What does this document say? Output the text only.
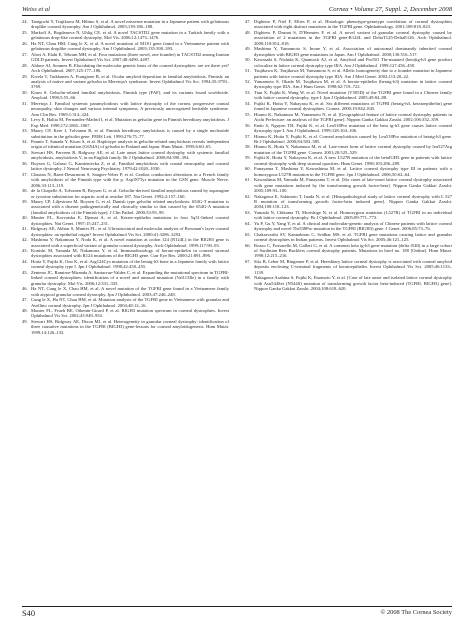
Weiss et al	Cornea • Volume 27, Suppl. 2, December 2008
24. Taniguchi Y, Tsujikawa M, Hibino S, et al. A novel missense mutation in a Japanese patient with gelatinous droplike corneal dystrophy. Am J Ophthalmol. 2005;139:186–188.
25. Markoff A, Bogdanova N, Uhlig CE, et al. A novel TACSTD2 gene mutation in a Turkish family with a gelatinous drop-like corneal dystrophy. Mol Vis. 2006;12:1473–1476.
26. Ha NT, Chau HM, Cung le X, et al. A novel mutation of M1S1 gene found in a Vietnamese patient with gelatinous droplike corneal dystrophy. Am J Ophthalmol. 2003;135:390–393.
27. Alavi A, Elahi E, Tehrani MH, et al. Four mutations (three novel, one founder) in TACSTD2 among Iranian GDLD patients. Invest Ophthalmol Vis Sci. 2007;48:4490–4497.
28. Aldave AJ, Sonmez B. Elucidating the molecular genetic basis of the corneal dystrophies: are we there yet? Arch Ophthalmol. 2007;125:177–186.
29. Kivela T, Tarkkanen A, Frangione B, et al. Ocular amyloid deposition in familial amyloidosis, Finnish: an analysis of native and variant gelsolin in Meretoja's syndrome. Invest Ophthalmol Vis Sci. 1994;35:3759–3769.
30. Kiuru S. Gelsolin-related familial amyloidosis, Finnish type (FAF), and its variants found worldwide. Amyloid. 1998;5:55–66.
31. Meretoja J. Familial systemic paramyloidosis with lattice dystrophy of the cornea, progressive cranial neuropathy, skin changes and various internal symptoms. A previously unrecognized heritable syndrome. Ann Clin Res. 1969;1:314–324.
32. Levy E, Haltia M, Fernandez-Madrid I, et al. Mutation in gelsolin gene in Finnish hereditary amyloidosis. J Exp Med. 1990;172:1865–1867.
33. Maury CP, Kere J, Tolvanen R, et al. Finnish hereditary amyloidosis is caused by a single nucleotide substitution in the gelsolin gene. FEBS Lett. 1990;276:75–77.
34. Paunio T, Sunada Y, Kiuru S, et al. Haplotype analysis in gelsolin-related amyloidosis reveals independent origin of identical mutation (G654A) of gelsolin in Finland and Japan. Hum Mutat. 1995;6:60–65.
35. Stewart HS, Parveen R, Ridgway AE, et al. Late onset lattice corneal dystrophy with systemic familial amyloidosis, amyloidosis V, in an English family. Br J Ophthalmol. 2000;84:390–394.
36. Boysen G, Galassi G, Kamieniecka Z, et al. Familial amyloidosis with cranial neuropathy and corneal lattice dystrophy. J Neurol Neurosurg Psychiatry. 1979;42:1020–1030.
37. Chastan N, Baert-Desurmont S, Saugier-Veber P, et al. Cardiac conduction alterations in a French family with amyloidosis of the Finnish type with the p. Asp187Tyr mutation in the GSN gene. Muscle Nerve. 2006;33:113–119.
38. de la Chapelle A, Tolvanen R, Boysen G, et al. Gelsolin-derived familial amyloidosis caused by asparagine or tyrosine substitution for aspartic acid at residue 187. Nat Genet. 1992;2:157–160.
39. Maury CP, Liljestrom M, Boysen G, et al. Danish type gelsolin related amyloidosis: 654G-T mutation is associated with a disease pathogenetically and clinically similar to that caused by the 654G-A mutation (familial amyloidosis of the Finnish type). J Clin Pathol. 2000;53:95–99.
40. Munier FL, Korvatska E, Djemai A, et al. Kerato-epithelin mutations in four 5q31-linked corneal dystrophies. Nat Genet. 1997;15:247–251.
41. Ridgway AE, Akhtar S, Munier FL, et al. Ultrastructural and molecular analysis of Bowman's layer corneal dystrophies: an epithelial origin? Invest Ophthalmol Vis Sci. 2000;41:3286–3292.
42. Mashima Y, Nakamura Y, Noda K, et al. A novel mutation at codon 124 (R124L) in the BIGH3 gene is associated with a superficial variant of granular corneal dystrophy. Arch Ophthalmol. 1999;117:90–93.
43. Konishi M, Yamada M, Nakamura Y, et al. Immunohistology of kerato-epithelin in corneal stromal dystrophies associated with R124 mutations of the BIGH3 gene. Curr Eye Res. 2000;21:891–896.
44. Hotta Y, Fujiki K, Ono K, et al. Arg124Cys mutation of the betaig-h3 bone in a Japanese family with lattice corneal dystrophy type I. Jpn J Ophthalmol. 1998;42:450–455.
45. Zenteno JC, Ramirez-Miranda A, Santacruz-Valdes C, et al. Expanding the mutational spectrum in TGFBI-linked corneal dystrophies: identification of a novel and unusual mutation (Val113Ile) in a family with granular dystrophy. Mol Vis. 2006;12:331–335.
46. Ha NT, Cung le X, Chau HM, et al. A novel mutation of the TGFBI gene found in a Vietnamese family with atypical granular corneal dystrophy. Jpn J Ophthalmol. 2003;47:246–248.
47. Cung le X, Ha NT, Chau HM, et al. Mutation analysis of the TGFBI gene in Vietnamese with granular and Avellino corneal dystrophy. Jpn J Ophthalmol. 2004;48:12–16.
48. Munier FL, Frueh BE, Othenin-Girard P, et al. BIGH3 mutation spectrum in corneal dystrophies. Invest Ophthalmol Vis Sci. 2002;43:949–954.
49. Stewart HS, Ridgway AE, Dixon MJ, et al. Heterogeneity in granular corneal dystrophy: identification of three causative mutations in the TGFBI (BIGH3) gene-lessons for corneal amyloidogenesis. Hum Mutat. 1999;14:126–132.
47. Dighiero P, Niel F, Ellies P, et al. Histologic phenotype-genotype correlation of corneal dystrophies associated with eight distinct mutations in the TGFBI gene. Ophthalmology. 2001;108:818–823.
48. Dighiero P, Drunat S, D'Hermies F, et al. A novel variant of granular corneal dystrophy caused by association of 2 mutations in the TGFBI gene-R124L and DeltaT125-DeltaE126. Arch Ophthalmol. 2000;118:814–818.
49. Mashima Y, Yamamoto S, Inoue Y, et al. Association of autosomal dominantly inherited corneal dystrophies with BIGH3 gene mutations in Japan. Am J Ophthalmol. 2000;130:516–517.
50. Kawasaki S, Nishida K, Quantock AJ, et al. Amyloid and Pro501 Thr-mutated (beta)ig-h3 gene product colocalize in lattice corneal dystrophy type IIIA. Am J Ophthalmol. 1999;127:456–458.
51. Tsujikawa K, Tsujikawa M, Yamamoto S, et al. Allelic homogeneity due to a founder mutation in Japanese patients with lattice corneal dystrophy type IIIA. Am J Med Genet. 2002;113:20–22.
52. Yamamoto S, Okada M, Tsujikawa M, et al. A kerato-epithelin (betaig-h3) mutation in lattice corneal dystrophy type IIIA. Am J Hum Genet. 1998;62:719–722.
53. Tian X, Fujiki K, Wang W, et al. Novel mutation (V505D) of the TGFBI gene found in a Chinese family with lattice corneal dystrophy, type I. Jpn J Ophthalmol. 2005;49:84–88.
54. Fujiki K, Hotta Y, Nakayasu K, et al. Six different mutations of TGFBI (betaig-h3, keratoepithelin) gene found in Japanese corneal dystrophies. Cornea. 2000;19:842–845.
55. Hirano K, Nakamura M, Yamamoto N, et al. [Geographical feature of lattice corneal dystrophy patients in Aichi Prefecture: an analysis of the TGFBI gene]. Nippon Ganka Gakkai Zasshi. 2002;106:352–359.
56. Endo S, Nguyen TH, Fujiki K, et al. Leu518Pro mutation of the beta ig-h3 gene causes lattice corneal dystrophy type I. Am J Ophthalmol. 1999;128:104–106.
57. Hirano K, Hotta Y, Fujiki K, et al. Corneal amyloidosis caused by Leu518Pro mutation of betaig-h3 gene. Br J Ophthalmol. 2000;84:583–585.
58. Hirano K, Hotta Y, Nakamura M, et al. Late-onset form of lattice corneal dystrophy caused by leu527Arg mutation of the TGFBI gene. Cornea. 2001;20:525–529.
59. Fujiki K, Hotta Y, Nakayasu K, et al. A new L527R mutation of the betaIGH3 gene in patients with lattice corneal dystrophy with deep stromal opacities. Hum Genet. 1998;103:286–289.
60. Funayama T, Mashima Y, Kawashima M, et al. Lattice corneal dystrophy type III in patients with a homozygous L527R mutation in the TGFBI gene. Jpn J Ophthalmol. 2006;50:62–64.
61. Kawashima M, Yamada M, Funayama T, et al. [Six cases of late-onset lattice corneal dystrophy associated with gene mutations induced by the transforming growth factor-beta]. Nippon Ganka Gakkai Zasshi. 2005;109:93–100.
62. Nakagawa E, Sakimoto T, Inada N, et al. [Histopathological study of lattice corneal dystrophy with L 527 R mutation of transforming growth factor-beta induced gene]. Nippon Ganka Gakkai Zasshi. 2004;108:118–123.
63. Yamada N, Chikama TI, Morishige N, et al. Homozygous mutation (L527R) of TGFBI in an individual with lattice corneal dystrophy. Br J Ophthalmol. 2005;89:771–773.
64. Yu P, Gu Y, Yang Y, et al. A clinical and molecular-genetic analysis of Chinese patients with lattice corneal dystrophy and novel Thr538Pro mutation in the TGFBI (BIGH3) gene. J Genet. 2006;85:73–76.
65. Chakravarthi SV, Kannabiran C, Sridhar MS, et al. TGFBI gene mutations causing lattice and granular corneal dystrophies in Indian patients. Invest Ophthalmol Vis Sci. 2005;46:121–125.
66. Rozzo C, Fossarello M, Galleri G, et al. A common beta ig-h3 gene mutation (delta f540) in a large cohort of Sardinian Reis Bucklers corneal dystrophy patients. Mutations in brief no. 180 [Online]. Hum Mutat. 1998;12:215–216.
67. Stix B, Leber M, Bingemer P, et al. Hereditary lattice corneal dystrophy is associated with corneal amyloid deposits enclosing C-terminal fragments of keratoepithelin. Invest Ophthalmol Vis Sci. 2005;46:1133–1139.
68. Nakagawa Asahina S, Fujiki K, Enomoto Y, et al. [Case of late onset and isolated lattice corneal dystrophy with Asn544Ser (N544S) mutation of transforming growth factor beta-induced (TGFBI, BIGH3) gene]. Nippon Ganka Gakkai Zasshi. 2004;108:618–620.
S40	© 2008 The Cornea Society
